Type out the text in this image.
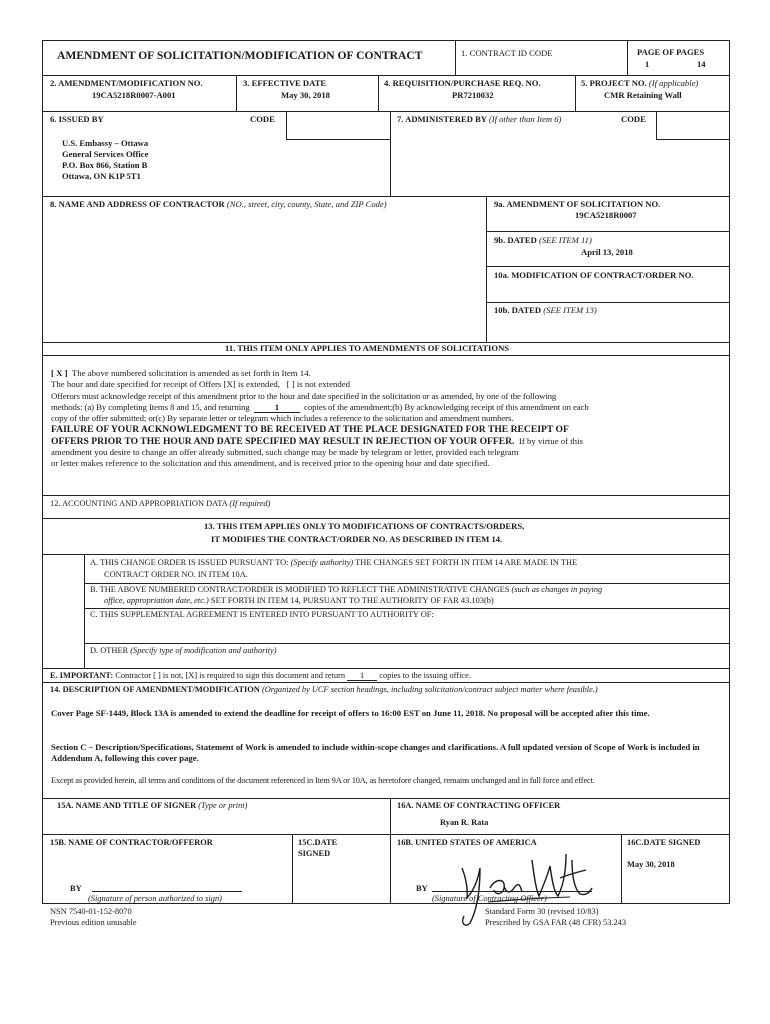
AMENDMENT OF SOLICITATION/MODIFICATION OF CONTRACT	1. CONTRACT ID CODE	PAGE OF PAGES
1	14
2. AMENDMENT/MODIFICATION NO.
19CA5218R0007-A001
3. EFFECTIVE DATE
May 30, 2018
4. REQUISITION/PURCHASE REQ. NO.
PR7210032
5. PROJECT NO. (If applicable)
CMR Retaining Wall
6. ISSUED BY	CODE
U.S. Embassy – Ottawa
General Services Office
P.O. Box 866, Station B
Ottawa, ON K1P 5T1
7. ADMINISTERED BY (If other than Item 6)	CODE
8. NAME AND ADDRESS OF CONTRACTOR (NO., street, city, county, State, and ZIP Code)	9a. AMENDMENT OF SOLICITATION NO.
19CA5218R0007
9b. DATED (SEE ITEM 11)
April 13, 2018
10a. MODIFICATION OF CONTRACT/ORDER NO.
10b. DATED (SEE ITEM 13)
11. THIS ITEM ONLY APPLIES TO AMENDMENTS OF SOLICITATIONS
[ X ] The above numbered solicitation is amended as set forth in Item 14.
The hour and date specified for receipt of Offers [X] is extended, [ ] is not extended
Offerors must acknowledge receipt of this amendment prior to the hour and date specified in the solicitation or as amended, by one of the following
methods: (a) By completing Items 8 and 15, and returning	1	copies of the amendment;(b) By acknowledging receipt of this amendment on each
copy of the offer submitted; or(c) By separate letter or telegram which includes a reference to the solicitation and amendment numbers.
FAILURE OF YOUR ACKNOWLEDGMENT TO BE RECEIVED AT THE PLACE DESIGNATED FOR THE RECEIPT OF
OFFERS PRIOR TO THE HOUR AND DATE SPECIFIED MAY RESULT IN REJECTION OF YOUR OFFER. If by virtue of this
amendment you desire to change an offer already submitted, such change may be made by telegram or letter, provided each telegram
or letter makes reference to the solicitation and this amendment, and is received prior to the opening hour and date specified.
12. ACCOUNTING AND APPROPRIATION DATA (If required)
13. THIS ITEM APPLIES ONLY TO MODIFICATIONS OF CONTRACTS/ORDERS,
IT MODIFIES THE CONTRACT/ORDER NO. AS DESCRIBED IN ITEM 14.
A. THIS CHANGE ORDER IS ISSUED PURSUANT TO: (Specify authority) THE CHANGES SET FORTH IN ITEM 14 ARE MADE IN THE
CONTRACT ORDER NO. IN ITEM 10A.
B. THE ABOVE NUMBERED CONTRACT/ORDER IS MODIFIED TO REFLECT THE ADMINISTRATIVE CHANGES (such as changes in paying
office, appropriation date, etc.) SET FORTH IN ITEM 14, PURSUANT TO THE AUTHORITY OF FAR 43.103(b)
C. THIS SUPPLEMENTAL AGREEMENT IS ENTERED INTO PURSUANT TO AUTHORITY OF:
D. OTHER (Specify type of modification and authority)
E. IMPORTANT: Contractor [ ] is not, [X] is required to sign this document and return 1 copies to the issuing office.
14. DESCRIPTION OF AMENDMENT/MODIFICATION (Organized by UCF section headings, including solicitation/contract subject matter where feasible.)
Cover Page SF-1449, Block 13A is amended to extend the deadline for receipt of offers to 16:00 EST on June 11, 2018. No proposal will be accepted after this time.
Section C – Description/Specifications, Statement of Work is amended to include within-scope changes and clarifications. A full updated version of Scope of Work is included in Addendum A, following this cover page.
Except as provided herein, all terms and conditions of the document referenced in Item 9A or 10A, as heretofore changed, remains unchanged and in full force and effect.
15A. NAME AND TITLE OF SIGNER (Type or print)	16A. NAME OF CONTRACTING OFFICER
Ryan R. Rata
15B. NAME OF CONTRACTOR/OFFEROR	15C.DATE
SIGNED
16B. UNITED STATES OF AMERICA	16C.DATE SIGNED
May 30, 2018
BY
(Signature of person authorized to sign)
BY
(Signature of Contracting Officer)
NSN 7540-01-152-8070
Previous edition unusable
Standard Form 30 (revised 10/83)
Prescribed by GSA FAR (48 CFR) 53.243
